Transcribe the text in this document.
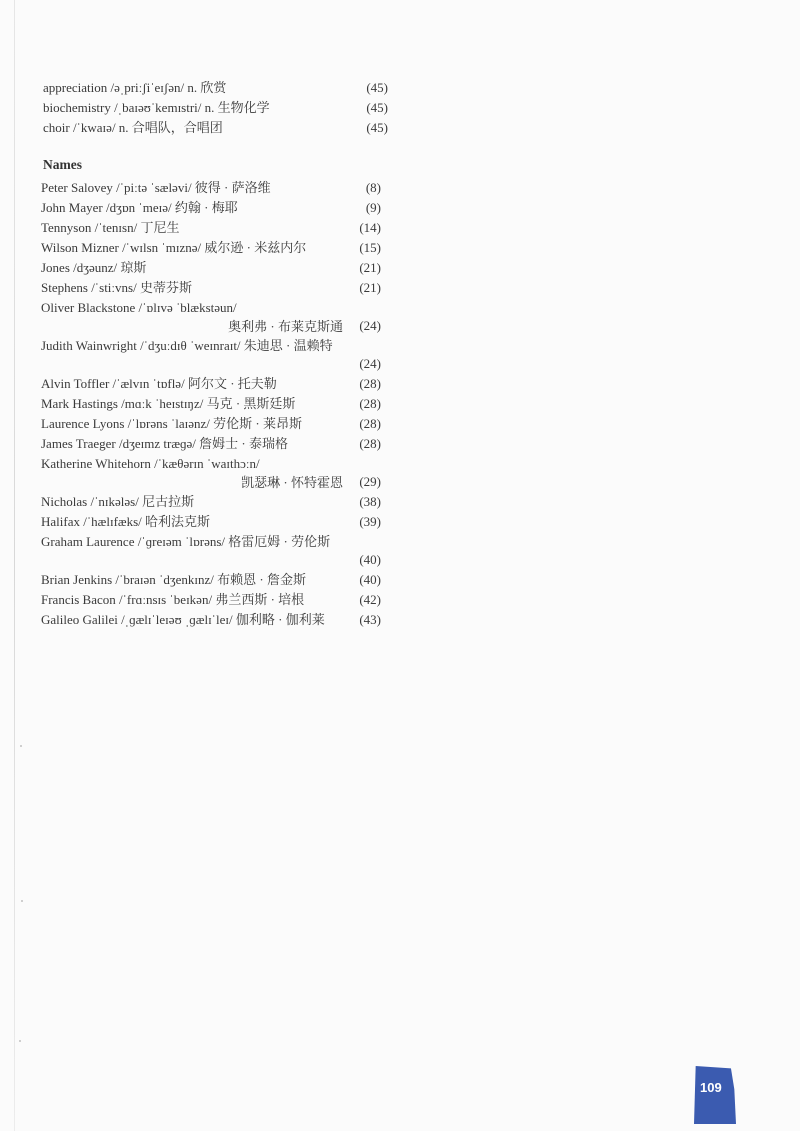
appreciation /əˌpriːʃiˈeɪʃən/ n. 欣赏	(45)
biochemistry /ˌbaɪəʊˈkemɪstri/ n. 生物化学	(45)
choir /ˈkwaɪə/ n. 合唱队，合唱团	(45)
Names
Peter Salovey /ˈpiːtə ˈsæləvi/ 彼得 · 萨洛维	(8)
John Mayer /dʒɒn ˈmeɪə/ 约翰 · 梅耶	(9)
Tennyson /ˈtenɪsn/ 丁尼生	(14)
Wilson Mizner /ˈwɪlsn ˈmɪznə/ 威尔逊 · 米兹内尔	(15)
Jones /dʒəunz/ 琼斯	(21)
Stephens /ˈstiːvns/ 史蒂芬斯	(21)
Oliver Blackstone /ˈɒlɪvə ˈblækstəun/
奥利弗 · 布莱克斯通	(24)
Judith Wainwright /ˈdʒuːdɪθ ˈweɪnraɪt/ 朱迪思 · 温赖特
(24)
Alvin Toffler /ˈælvɪn ˈtɒflə/ 阿尔文 · 托夫勒	(28)
Mark Hastings /mɑːk ˈheɪstɪŋz/ 马克 · 黑斯廷斯	(28)
Laurence Lyons /ˈlɒrəns ˈlaɪənz/ 劳伦斯 · 莱昂斯	(28)
James Traeger /dʒeɪmz træɡə/ 詹姆士 · 泰瑞格	(28)
Katherine Whitehorn /ˈkæθərɪn ˈwaɪthɔːn/
凯瑟琳 · 怀特霍恩	(29)
Nicholas /ˈnɪkələs/ 尼古拉斯	(38)
Halifax /ˈhælɪfæks/ 哈利法克斯	(39)
Graham Laurence /ˈɡreɪəm ˈlɒrəns/ 格雷厄姆 · 劳伦斯
(40)
Brian Jenkins /ˈbraɪən ˈdʒenkɪnz/ 布赖恩 · 詹金斯	(40)
Francis Bacon /ˈfrɑːnsɪs ˈbeɪkən/ 弗兰西斯 · 培根	(42)
Galileo Galilei /ˌɡælɪˈleɪəʊ ˌɡælɪˈleɪ/ 伽利略 · 伽利莱	(43)
109
